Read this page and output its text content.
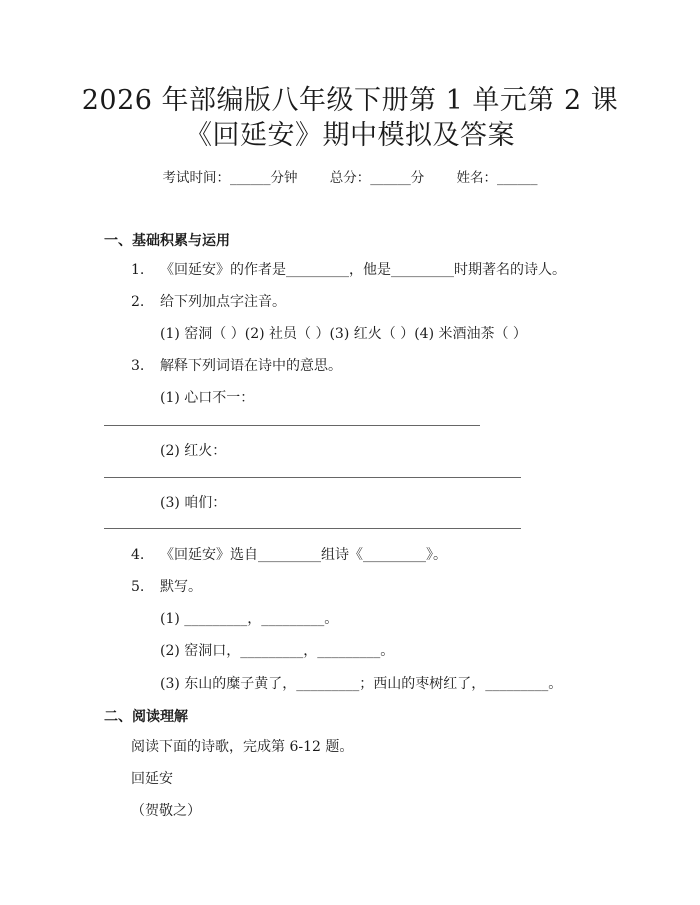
2026 年部编版八年级下册第 1 单元第 2 课
《回延安》期中模拟及答案
考试时间：______分钟 总分：______分 姓名：______
一、基础积累与运用
1. 《回延安》的作者是_________，他是_________时期著名的诗人。
2. 给下列加点字注音。
(1) 窑洞（ ）(2) 社员（ ）(3) 红火（ ）(4) 米酒油茶（ ）
3. 解释下列词语在诗中的意思。
(1) 心口不一：
(2) 红火：
(3) 咱们：
4. 《回延安》选自_________组诗《_________》。
5. 默写。
(1) _________，_________。
(2) 窑洞口，_________，_________。
(3) 东山的糜子黄了，_________；西山的枣树红了，_________。
二、阅读理解
阅读下面的诗歌，完成第 6-12 题。
回延安
（贺敬之）
